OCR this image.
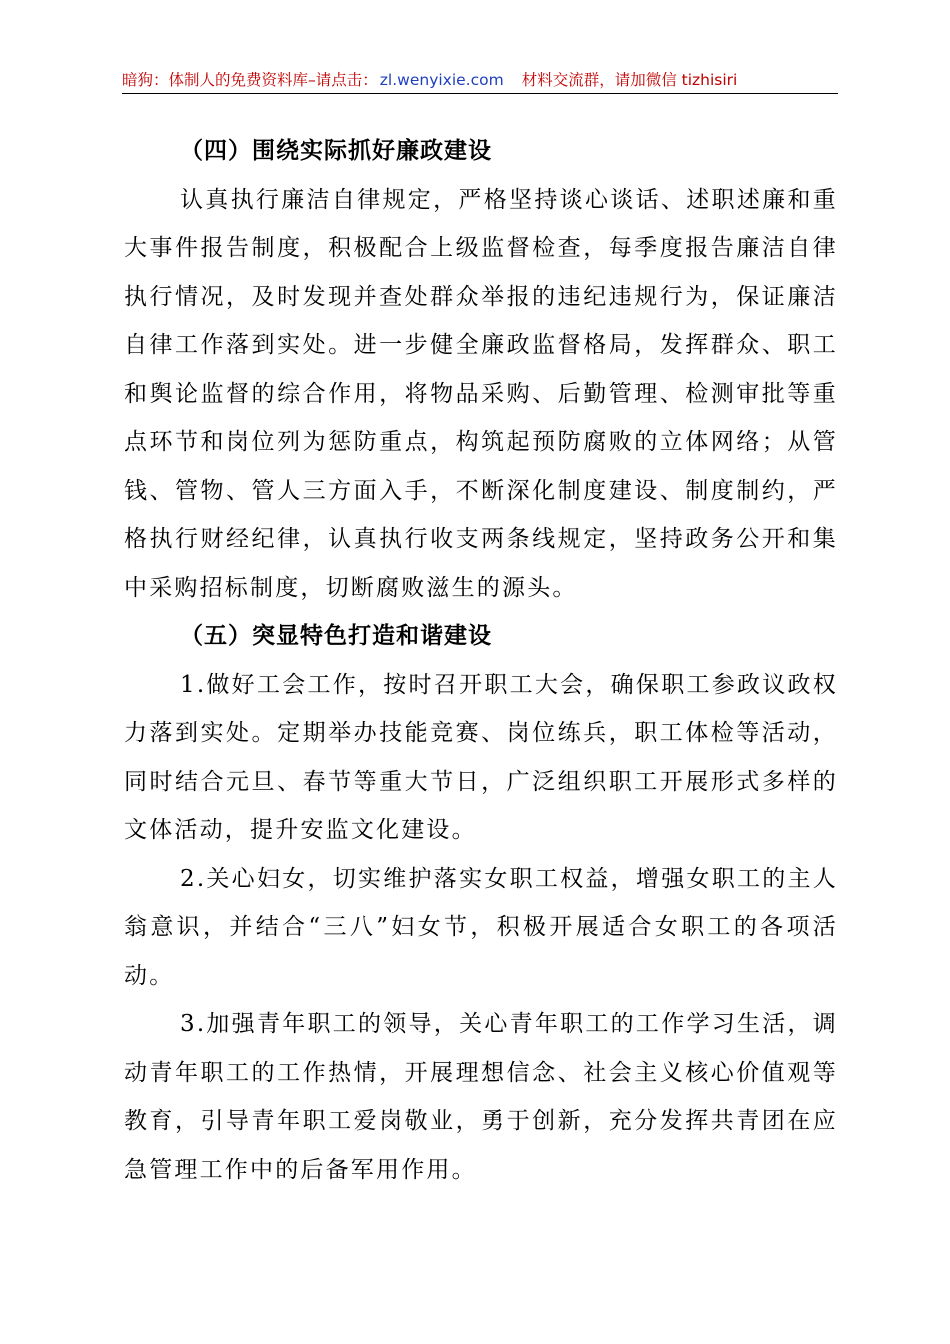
暗狗：体制人的免费资料库–请点击： zl.wenyixie.com 材料交流群，请加微信 tizhisiri
（四）围绕实际抓好廉政建设

认真执行廉洁自律规定，严格坚持谈心谈话、述职述廉和重大事件报告制度，积极配合上级监督检查，每季度报告廉洁自律执行情况，及时发现并查处群众举报的违纪违规行为，保证廉洁自律工作落到实处。进一步健全廉政监督格局，发挥群众、职工和舆论监督的综合作用，将物品采购、后勤管理、检测审批等重点环节和岗位列为惩防重点，构筑起预防腐败的立体网络；从管钱、管物、管人三方面入手，不断深化制度建设、制度制约，严格执行财经纪律，认真执行收支两条线规定，坚持政务公开和集中采购招标制度，切断腐败滋生的源头。

（五）突显特色打造和谐建设

1.做好工会工作，按时召开职工大会，确保职工参政议政权力落到实处。定期举办技能竞赛、岗位练兵，职工体检等活动，同时结合元旦、春节等重大节日，广泛组织职工开展形式多样的文体活动，提升安监文化建设。

2.关心妇女，切实维护落实女职工权益，增强女职工的主人翁意识，并结合“三八”妇女节，积极开展适合女职工的各项活动。

3.加强青年职工的领导，关心青年职工的工作学习生活，调动青年职工的工作热情，开展理想信念、社会主义核心价值观等教育，引导青年职工爱岗敬业，勇于创新，充分发挥共青团在应急管理工作中的后备军用作用。
